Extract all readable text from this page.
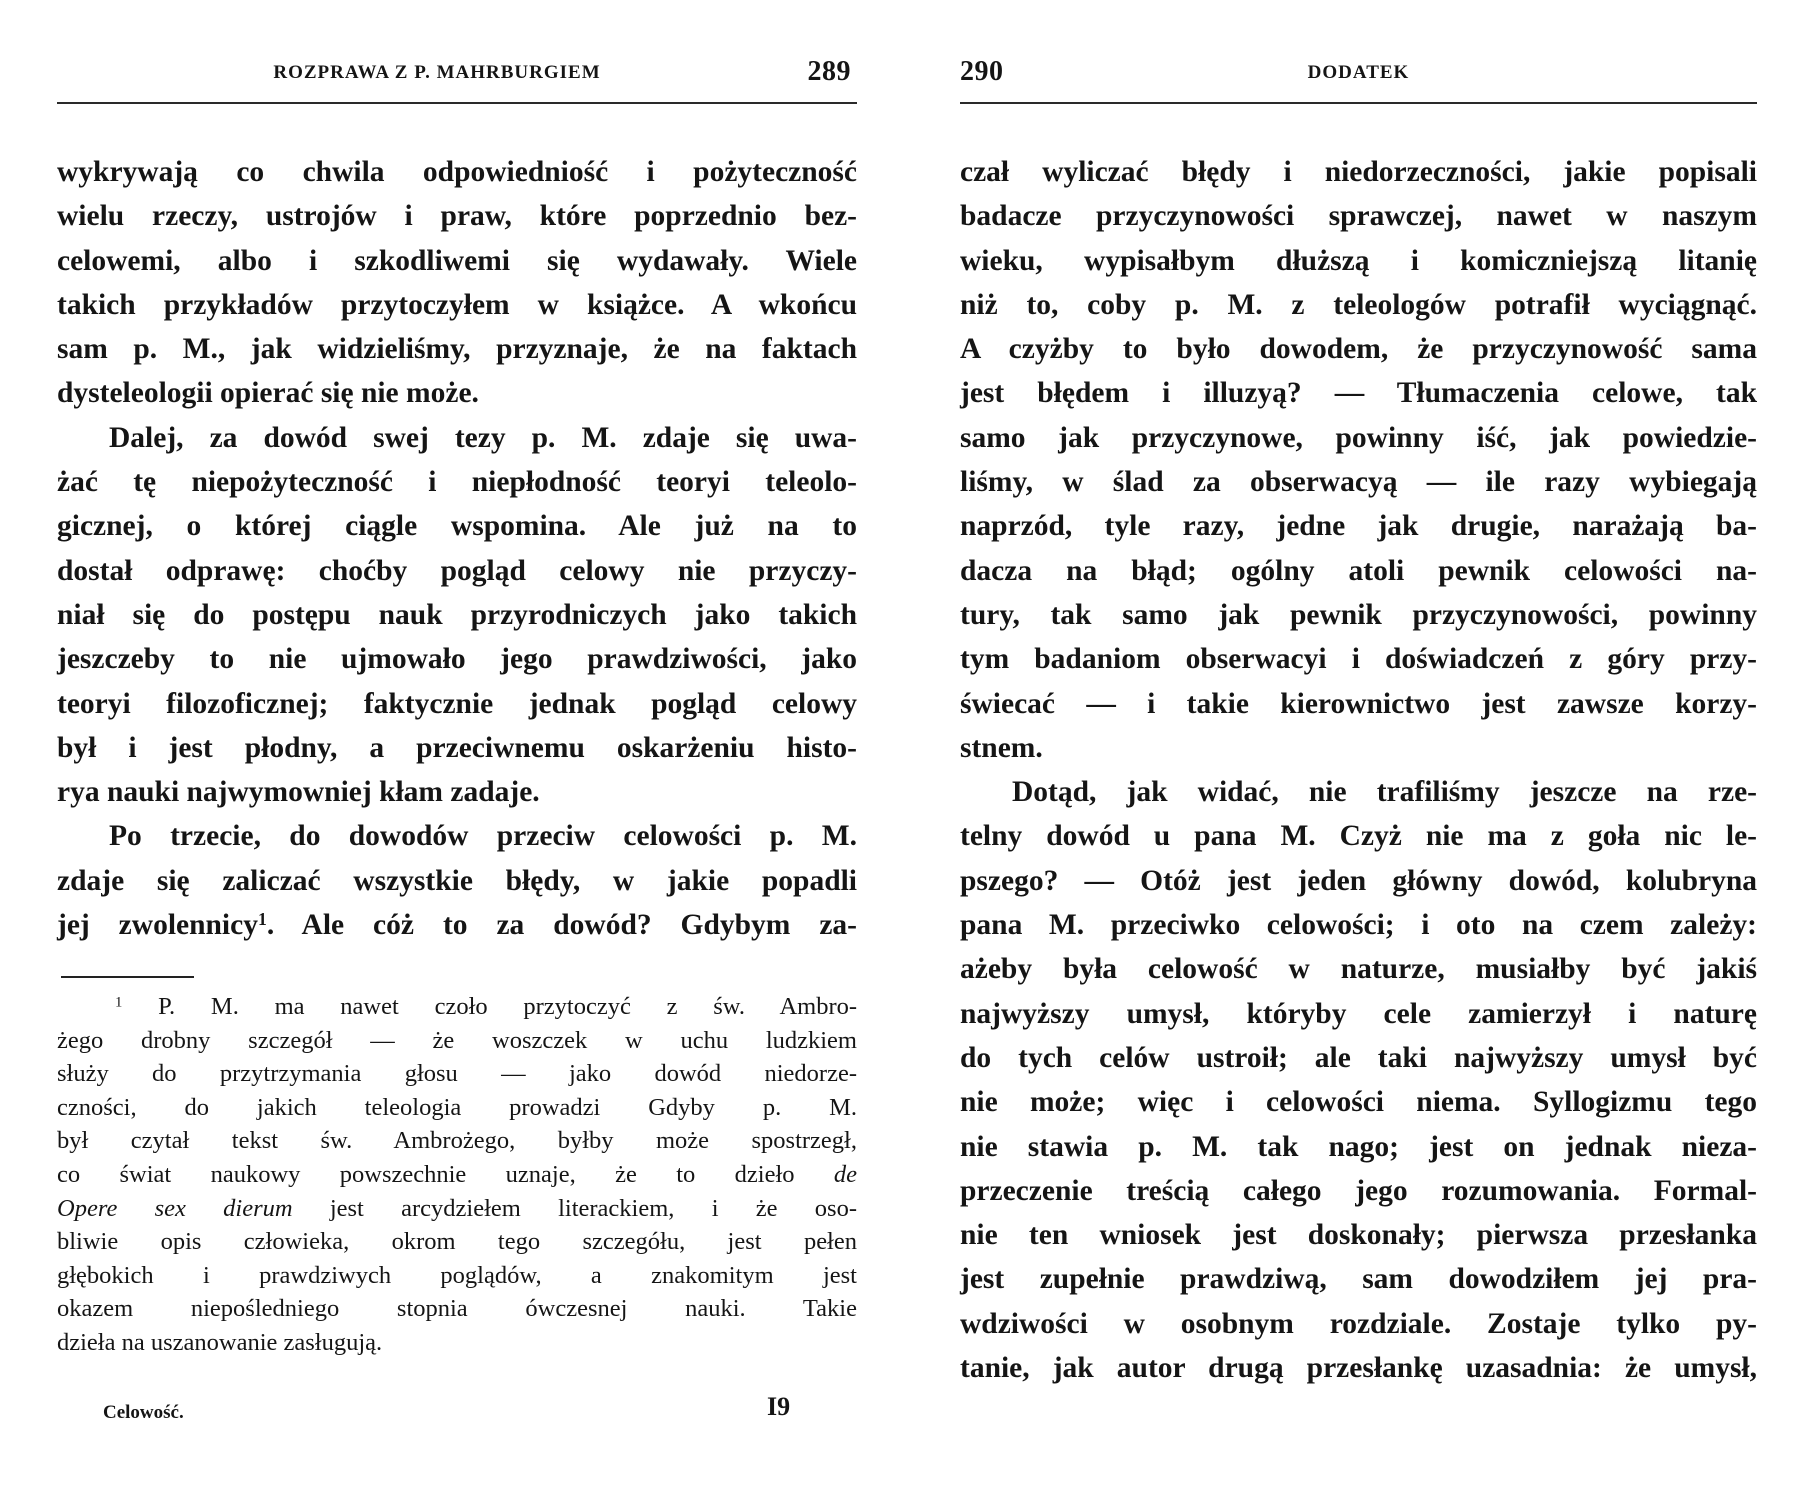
ROZPRAWA Z P. MAHRBURGIEM	289
wykrywają co chwila odpowiedniość i pożyteczność
wielu rzeczy, ustrojów i praw, które poprzednio bez-
celowemi, albo i szkodliwemi się wydawały. Wiele
takich przykładów przytoczyłem w książce. A wkońcu
sam p. M., jak widzieliśmy, przyznaje, że na faktach
dysteleologii opierać się nie może.
Dalej, za dowód swej tezy p. M. zdaje się uwa-
żać tę niepożyteczność i niepłodność teoryi teleolo-
gicznej, o której ciągle wspomina. Ale już na to
dostał odprawę: choćby pogląd celowy nie przyczy-
niał się do postępu nauk przyrodniczych jako takich
jeszczeby to nie ujmowało jego prawdziwości, jako
teoryi filozoficznej; faktycznie jednak pogląd celowy
był i jest płodny, a przeciwnemu oskarżeniu histo-
rya nauki najwymowniej kłam zadaje.
Po trzecie, do dowodów przeciw celowości p. M.
zdaje się zaliczać wszystkie błędy, w jakie popadli
jej zwolennicy$^1$. Ale cóż to za dowód? Gdybym za-
$^1$ P. M. ma nawet czoło przytoczyć z św. Ambro-
żego drobny szczegół — że woszczek w uchu ludzkiem
służy do przytrzymania głosu — jako dowód niedorze-
czności, do jakich teleologia prowadzi Gdyby p. M.
był czytał tekst św. Ambrożego, byłby może spostrzegł,
co świat naukowy powszechnie uznaje, że to dzieło de
Opere sex dierum jest arcydziełem literackiem, i że oso-
bliwie opis człowieka, okrom tego szczegółu, jest pełen
głębokich i prawdziwych poglądów, a znakomitym jest
okazem niepośledniego stopnia ówczesnej nauki. Takie
dzieła na uszanowanie zasługują.
Celowość.	I9
290	DODATEK
czał wyliczać błędy i niedorzeczności, jakie popisali
badacze przyczynowości sprawczej, nawet w naszym
wieku, wypisałbym dłuższą i komiczniejszą litanię
niż to, coby p. M. z teleologów potrafił wyciągnąć.
A czyżby to było dowodem, że przyczynowość sama
jest błędem i illuzyą? — Tłumaczenia celowe, tak
samo jak przyczynowe, powinny iść, jak powiedzie-
liśmy, w ślad za obserwacyą — ile razy wybiegają
naprzód, tyle razy, jedne jak drugie, narażają ba-
dacza na błąd; ogólny atoli pewnik celowości na-
tury, tak samo jak pewnik przyczynowości, powinny
tym badaniom obserwacyi i doświadczeń z góry przy-
świecać — i takie kierownictwo jest zawsze korzy-
stnem.
Dotąd, jak widać, nie trafiliśmy jeszcze na rze-
telny dowód u pana M. Czyż nie ma z goła nic le-
pszego? — Otóż jest jeden główny dowód, kolubryna
pana M. przeciwko celowości; i oto na czem zależy:
ażeby była celowość w naturze, musiałby być jakiś
najwyższy umysł, któryby cele zamierzył i naturę
do tych celów ustroił; ale taki najwyższy umysł być
nie może; więc i celowości niema. Syllogizmu tego
nie stawia p. M. tak nago; jest on jednak nieza-
przeczenie treścią całego jego rozumowania. Formal-
nie ten wniosek jest doskonały; pierwsza przesłanka
jest zupełnie prawdziwą, sam dowodziłem jej pra-
wdziwości w osobnym rozdziale. Zostaje tylko py-
tanie, jak autor drugą przesłankę uzasadnia: że umysł,
